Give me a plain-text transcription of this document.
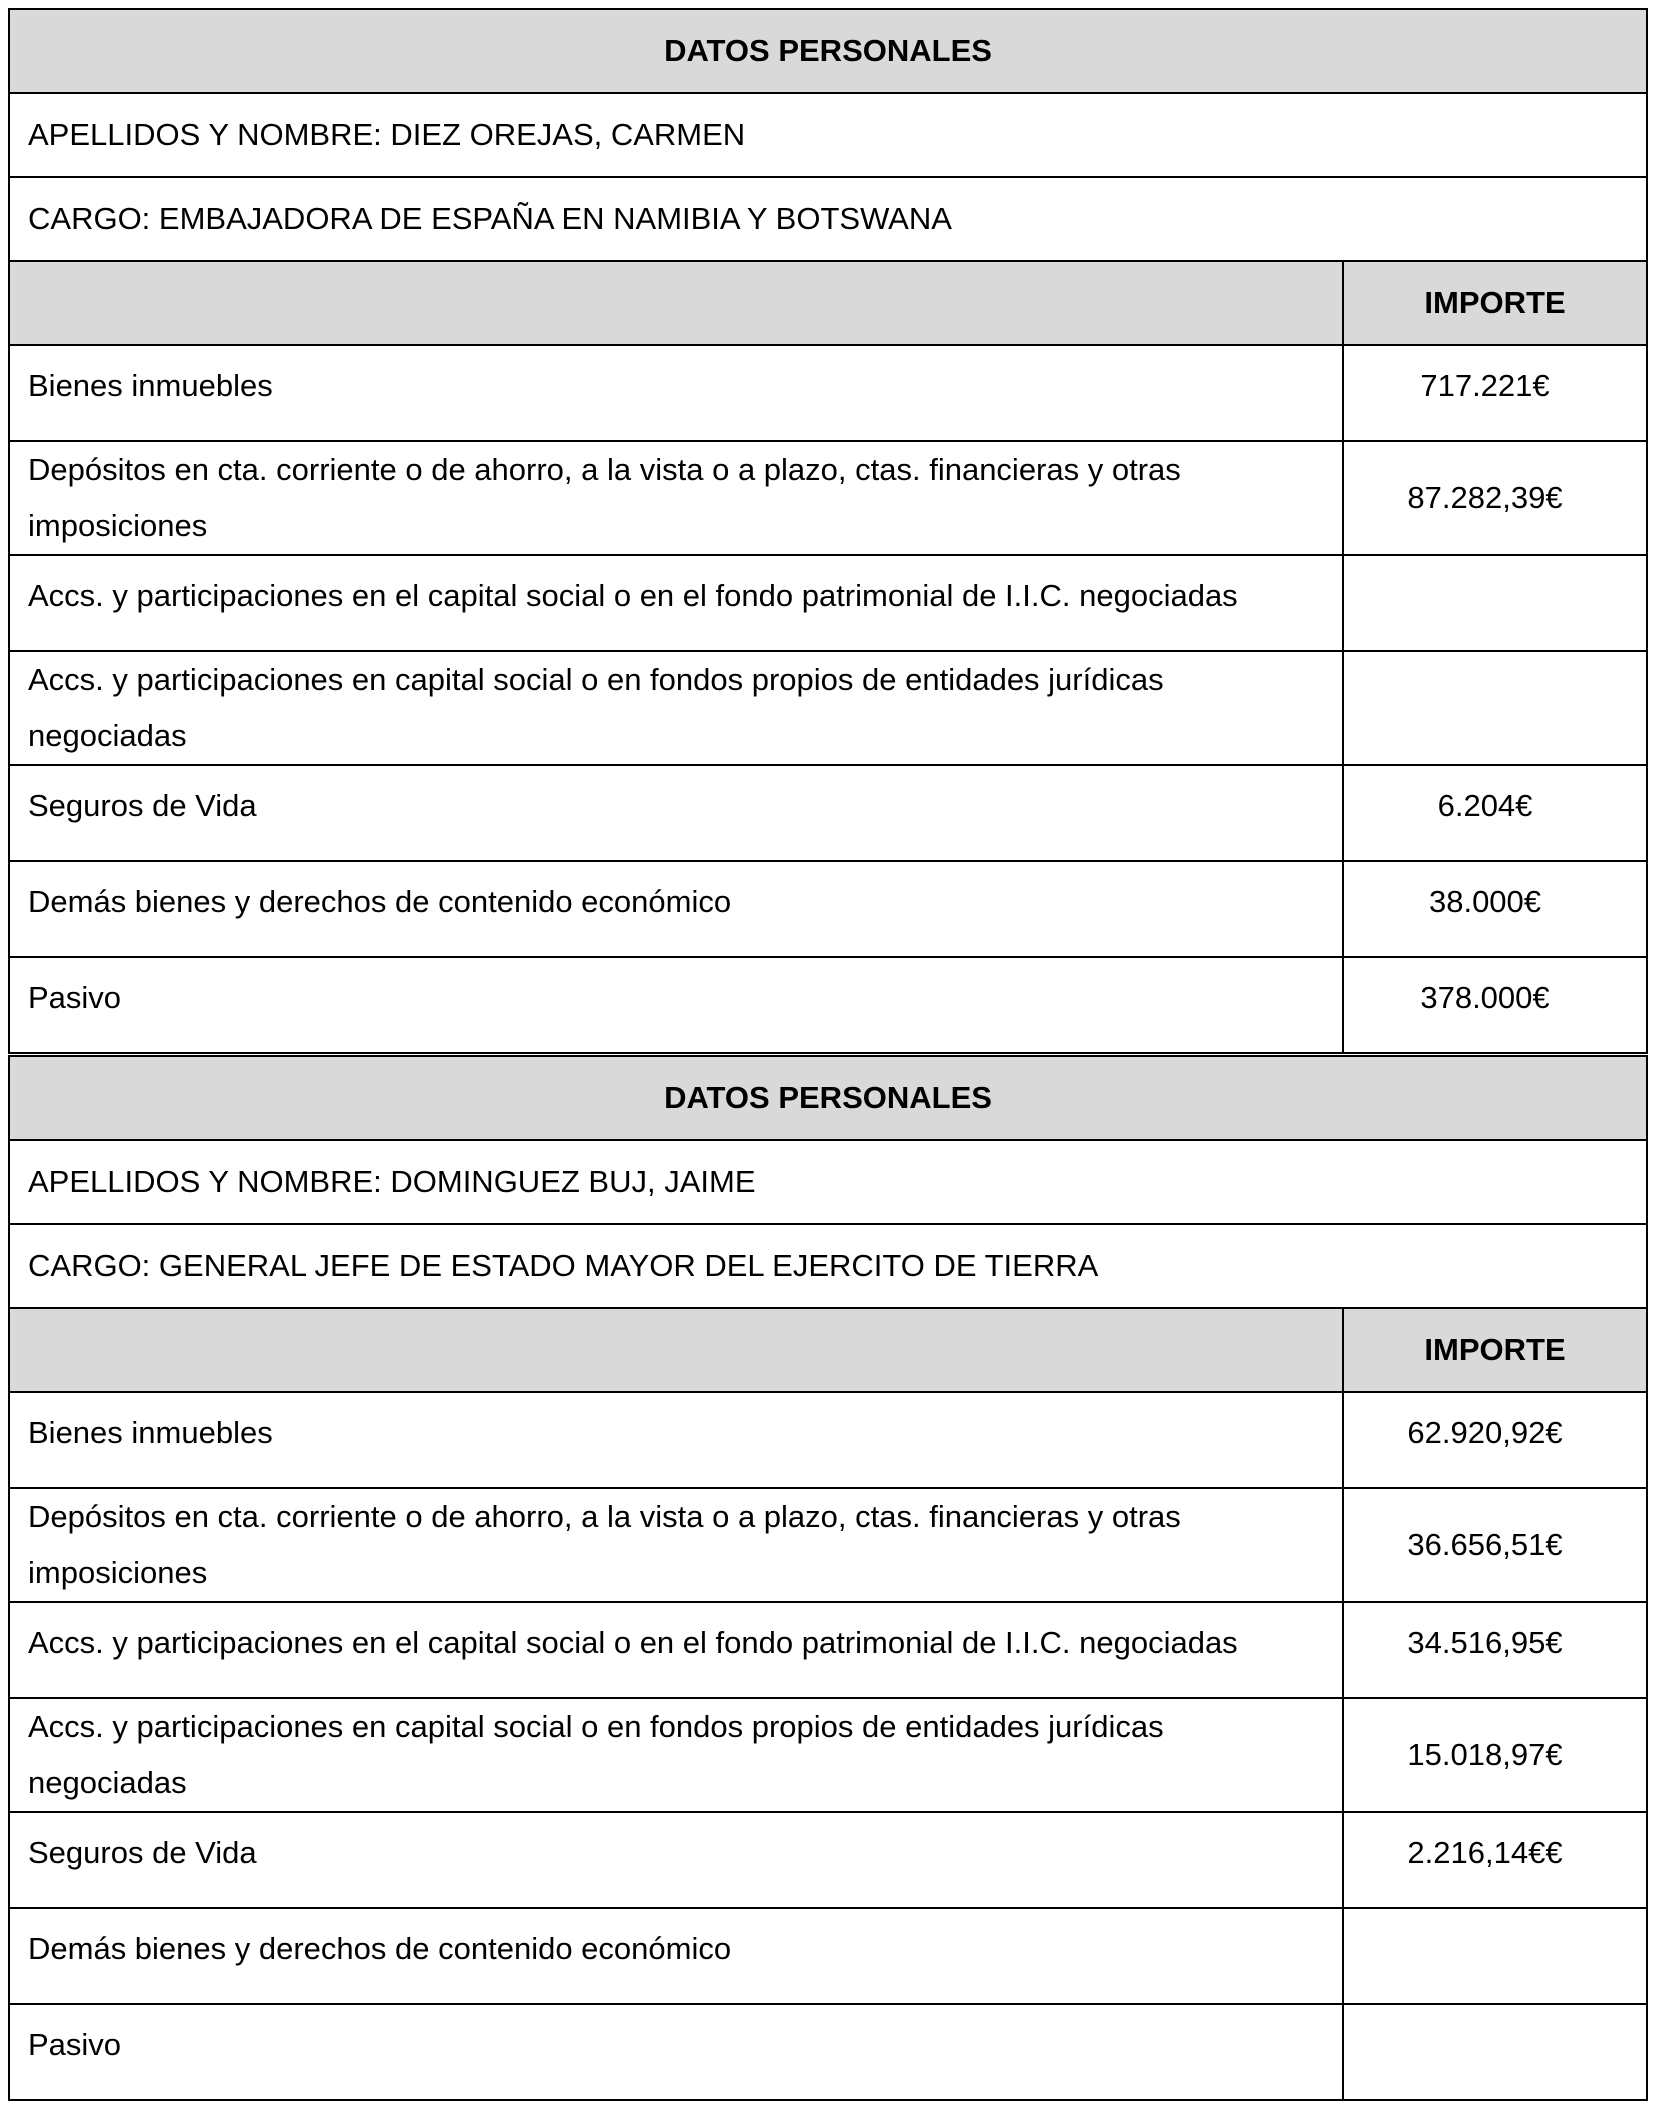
DATOS PERSONALES	
APELLIDOS Y NOMBRE: DIEZ OREJAS, CARMEN	
CARGO: EMBAJADORA DE ESPAÑA EN NAMIBIA Y BOTSWANA	
	IMPORTE
Bienes inmuebles	717.221€
Depósitos en cta. corriente o de ahorro, a la vista o a plazo, ctas. financieras y otras imposiciones	87.282,39€
Accs. y participaciones en el capital social o en el fondo patrimonial de I.I.C. negociadas	
Accs. y participaciones en capital social o en fondos propios de entidades jurídicas negociadas	
Seguros de Vida	6.204€
Demás bienes y derechos de contenido económico	38.000€
Pasivo	378.000€
DATOS PERSONALES	
APELLIDOS Y NOMBRE: DOMINGUEZ BUJ, JAIME	
CARGO: GENERAL JEFE DE ESTADO MAYOR DEL EJERCITO DE TIERRA	
	IMPORTE
Bienes inmuebles	62.920,92€
Depósitos en cta. corriente o de ahorro, a la vista o a plazo, ctas. financieras y otras imposiciones	36.656,51€
Accs. y participaciones en el capital social o en el fondo patrimonial de I.I.C. negociadas	34.516,95€
Accs. y participaciones en capital social o en fondos propios de entidades jurídicas negociadas	15.018,97€
Seguros de Vida	2.216,14€€
Demás bienes y derechos de contenido económico	
Pasivo	
